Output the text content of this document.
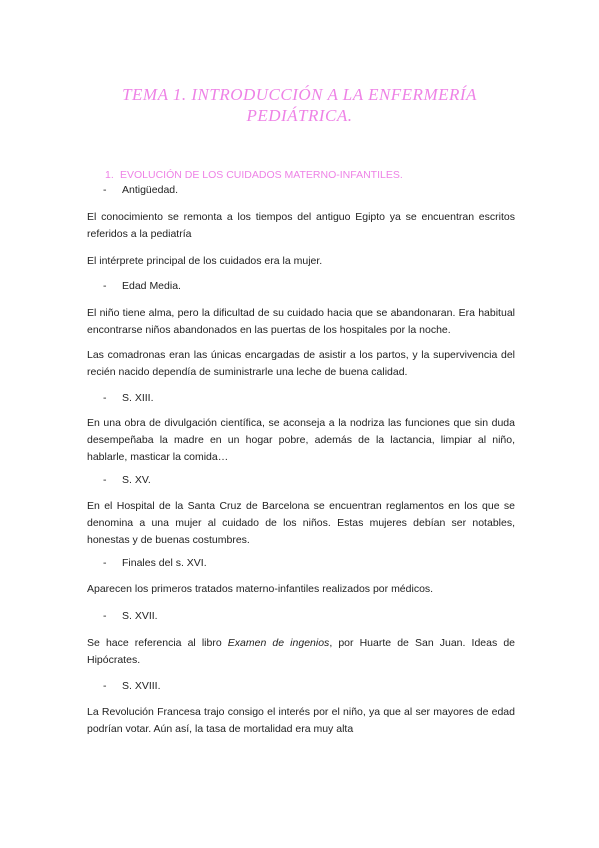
TEMA 1. INTRODUCCIÓN A LA ENFERMERÍA
PEDIÁTRICA.
1. EVOLUCIÓN DE LOS CUIDADOS MATERNO-INFANTILES.
- Antigüedad.
El conocimiento se remonta a los tiempos del antiguo Egipto ya se encuentran escritos referidos a la pediatría
El intérprete principal de los cuidados era la mujer.
- Edad Media.
El niño tiene alma, pero la dificultad de su cuidado hacia que se abandonaran. Era habitual encontrarse niños abandonados en las puertas de los hospitales por la noche.
Las comadronas eran las únicas encargadas de asistir a los partos, y la supervivencia del recién nacido dependía de suministrarle una leche de buena calidad.
- S. XIII.
En una obra de divulgación científica, se aconseja a la nodriza las funciones que sin duda desempeñaba la madre en un hogar pobre, además de la lactancia, limpiar al niño, hablarle, masticar la comida…
- S. XV.
En el Hospital de la Santa Cruz de Barcelona se encuentran reglamentos en los que se denomina a una mujer al cuidado de los niños. Estas mujeres debían ser notables, honestas y de buenas costumbres.
- Finales del s. XVI.
Aparecen los primeros tratados materno-infantiles realizados por médicos.
- S. XVII.
Se hace referencia al libro Examen de ingenios, por Huarte de San Juan. Ideas de Hipócrates.
- S. XVIII.
La Revolución Francesa trajo consigo el interés por el niño, ya que al ser mayores de edad podrían votar. Aún así, la tasa de mortalidad era muy alta
